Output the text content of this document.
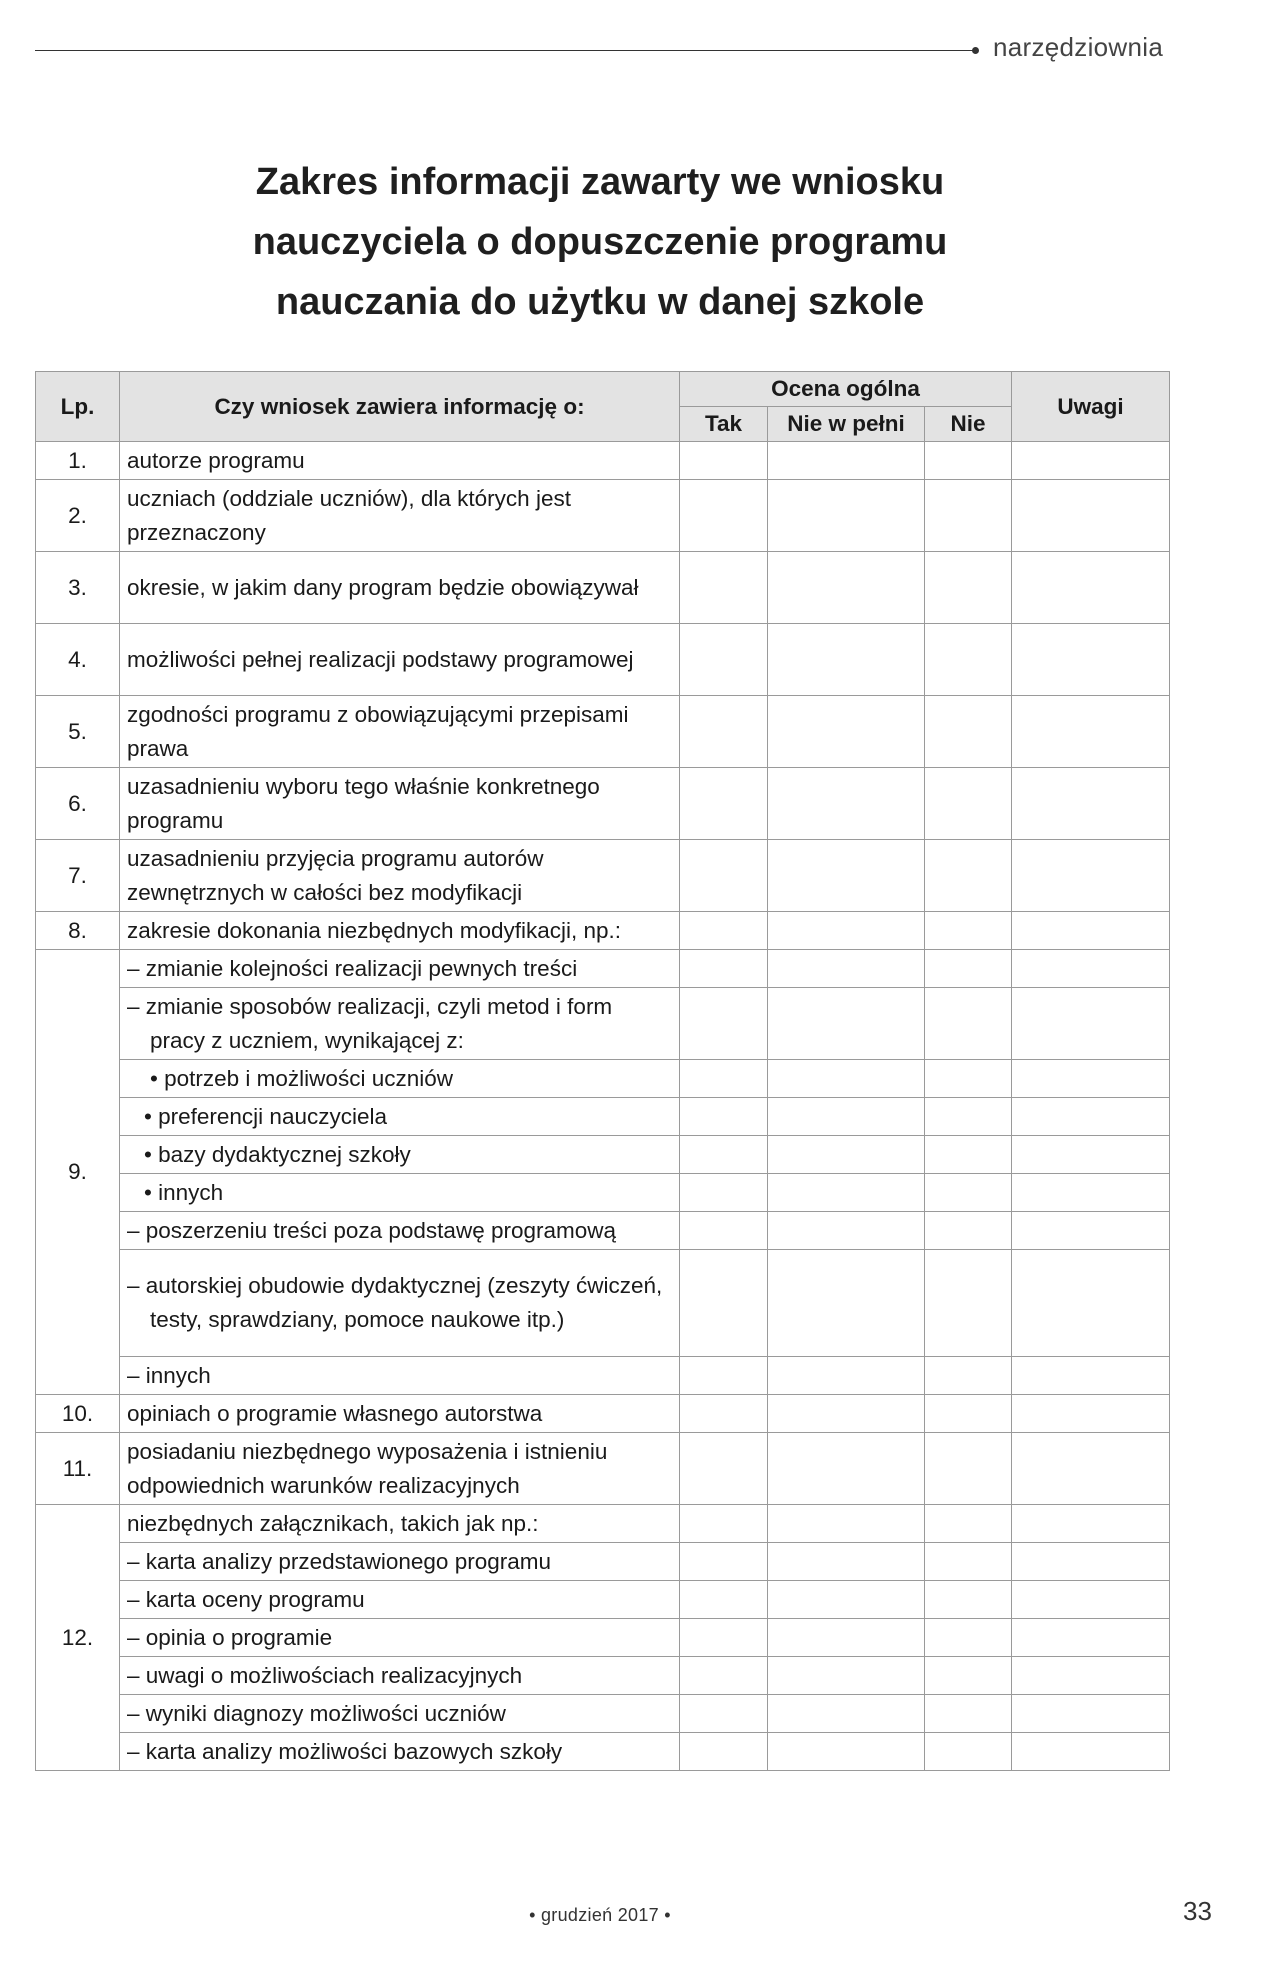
narzędziownia
Zakres informacji zawarty we wniosku
nauczyciela o dopuszczenie programu
nauczania do użytku w danej szkole
Lp.	Czy wniosek zawiera informację o:	Ocena ogólna			Uwagi
		Tak	Nie w pełni	Nie	
1.	autorze programu				
2.	uczniach (oddziale uczniów), dla których jest przeznaczony				
3.	okresie, w jakim dany program będzie obowiązywał				
4.	możliwości pełnej realizacji podstawy programowej				
5.	zgodności programu z obowiązującymi przepisami prawa				
6.	uzasadnieniu wyboru tego właśnie konkretnego programu				
7.	uzasadnieniu przyjęcia programu autorów zewnętrznych w całości bez modyfikacji				
8.	zakresie dokonania niezbędnych modyfikacji, np.:				
9.	– zmianie kolejności realizacji pewnych treści				
	– zmianie sposobów realizacji, czyli metod i form pracy z uczniem, wynikającej z:				
	• potrzeb i możliwości uczniów				
	• preferencji nauczyciela				
	• bazy dydaktycznej szkoły				
	• innych				
	– poszerzeniu treści poza podstawę programową				
	– autorskiej obudowie dydaktycznej (zeszyty ćwiczeń, testy, sprawdziany, pomoce naukowe itp.)				
	– innych				
10.	opiniach o programie własnego autorstwa				
11.	posiadaniu niezbędnego wyposażenia i istnieniu odpowiednich warunków realizacyjnych				
12.	niezbędnych załącznikach, takich jak np.:				
	– karta analizy przedstawionego programu				
	– karta oceny programu				
	– opinia o programie				
	– uwagi o możliwościach realizacyjnych				
	– wyniki diagnozy możliwości uczniów				
	– karta analizy możliwości bazowych szkoły				
• grudzień 2017 •	33
